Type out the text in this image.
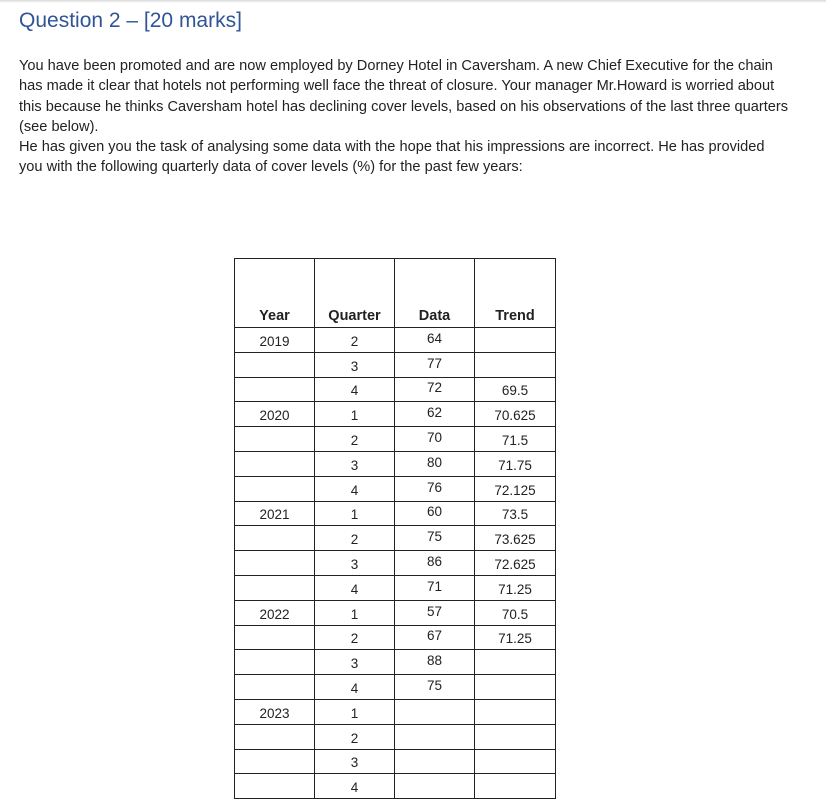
Question 2 – [20 marks]

You have been promoted and are now employed by Dorney Hotel in Caversham. A new Chief Executive for the chain has made it clear that hotels not performing well face the threat of closure. Your manager Mr.Howard is worried about this because he thinks Caversham hotel has declining cover levels, based on his observations of the last three quarters (see below).

He has given you the task of analysing some data with the hope that his impressions are incorrect. He has provided you with the following quarterly data of cover levels (%) for the past few years:

Year	Quarter	Data	Trend

2019	2	64	

	3	77	

	4	72	69.5

2020	1	62	70.625

	2	70	71.5

	3	80	71.75

	4	76	72.125

2021	1	60	73.5

	2	75	73.625

	3	86	72.625

	4	71	71.25

2022	1	57	70.5

	2	67	71.25

	3	88	

	4	75	

2023	1		

	2		

	3		

	4		
